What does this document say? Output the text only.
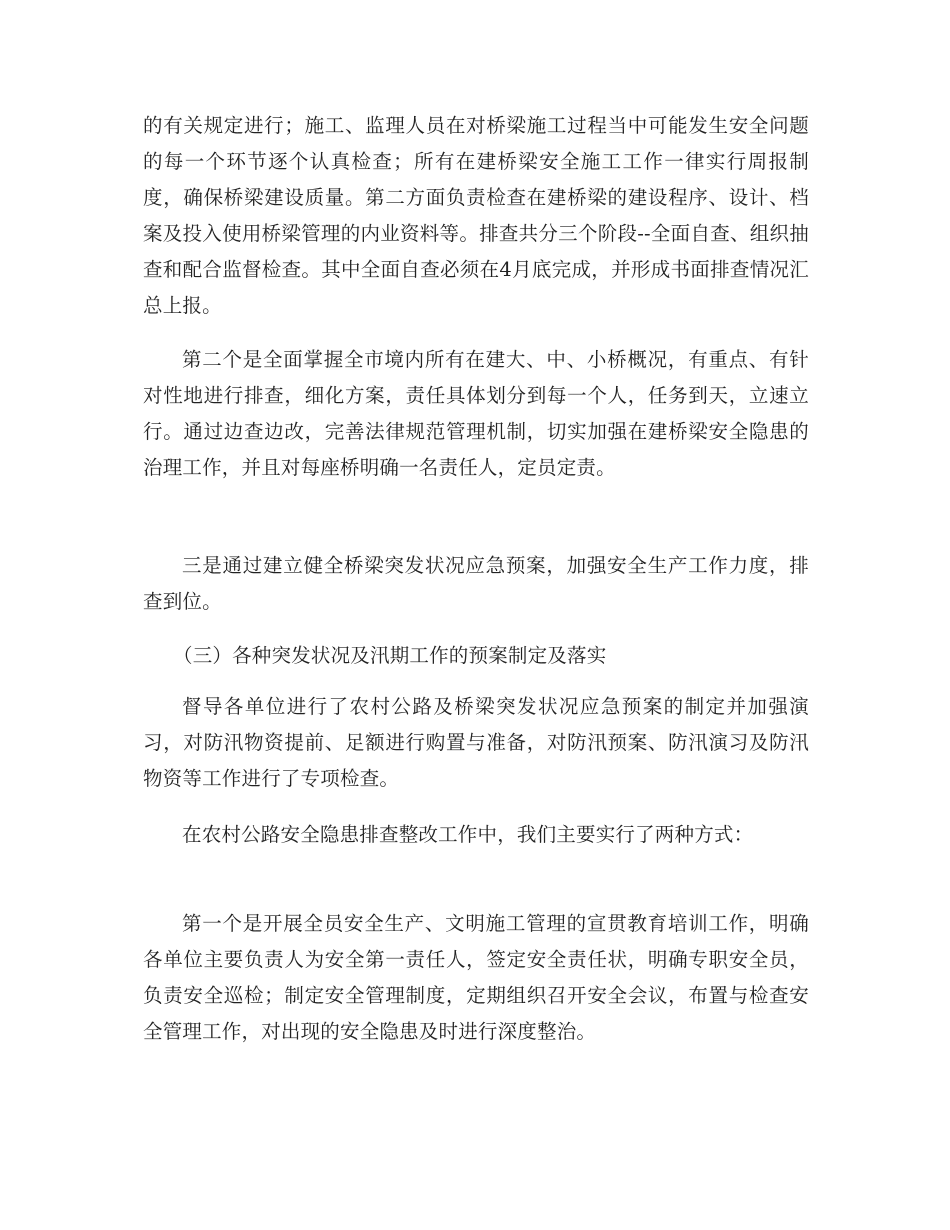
的有关规定进行；施工、监理人员在对桥梁施工过程当中可能发生安全问题的每一个环节逐个认真检查；所有在建桥梁安全施工工作一律实行周报制度，确保桥梁建设质量。第二方面负责检查在建桥梁的建设程序、设计、档案及投入使用桥梁管理的内业资料等。排查共分三个阶段--全面自查、组织抽查和配合监督检查。其中全面自查必须在4月底完成，并形成书面排查情况汇总上报。

第二个是全面掌握全市境内所有在建大、中、小桥概况，有重点、有针对性地进行排查，细化方案，责任具体划分到每一个人，任务到天，立速立行。通过边查边改，完善法律规范管理机制，切实加强在建桥梁安全隐患的治理工作，并且对每座桥明确一名责任人，定员定责。

三是通过建立健全桥梁突发状况应急预案，加强安全生产工作力度，排查到位。

（三）各种突发状况及汛期工作的预案制定及落实

督导各单位进行了农村公路及桥梁突发状况应急预案的制定并加强演习，对防汛物资提前、足额进行购置与准备，对防汛预案、防汛演习及防汛物资等工作进行了专项检查。

在农村公路安全隐患排查整改工作中，我们主要实行了两种方式：

第一个是开展全员安全生产、文明施工管理的宣贯教育培训工作，明确各单位主要负责人为安全第一责任人，签定安全责任状，明确专职安全员，负责安全巡检；制定安全管理制度，定期组织召开安全会议，布置与检查安全管理工作，对出现的安全隐患及时进行深度整治。
